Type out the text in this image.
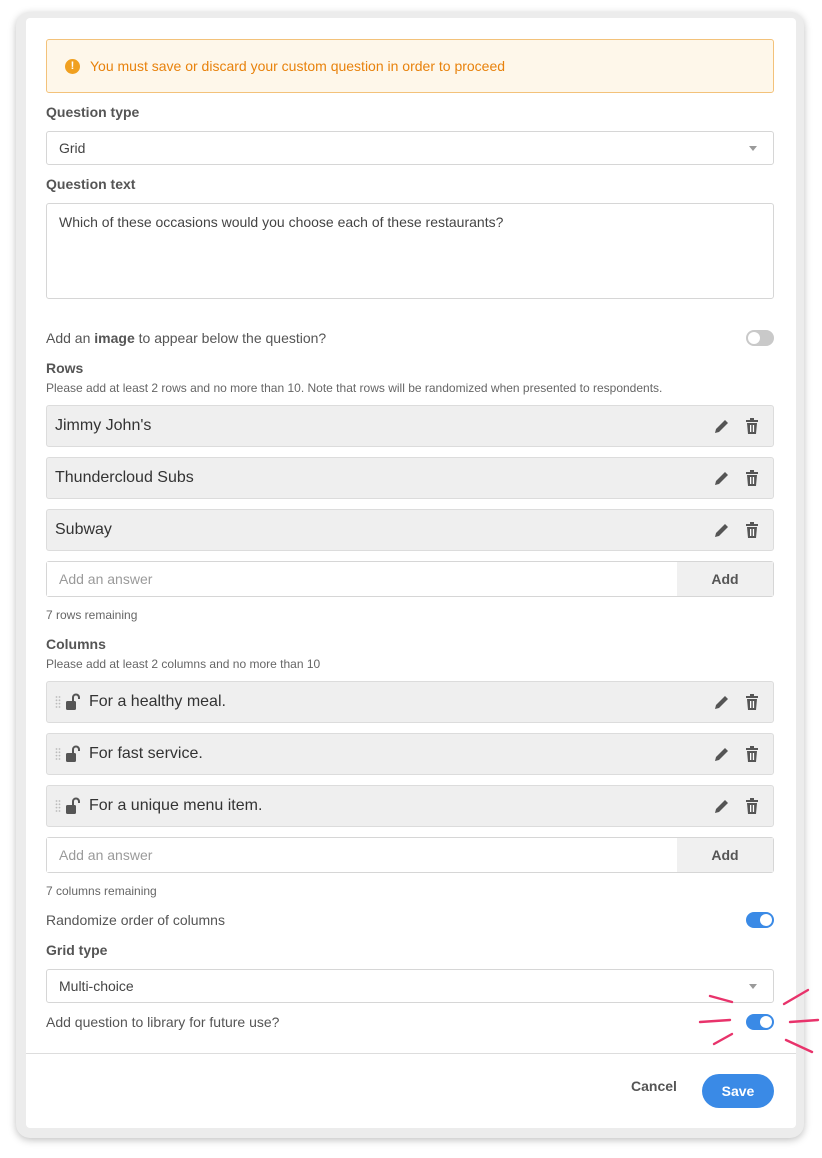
!	You must save or discard your custom question in order to proceed
Question type
Grid
Question text
Which of these occasions would you choose each of these restaurants?
Add an image to appear below the question?
Rows
Please add at least 2 rows and no more than 10. Note that rows will be randomized when presented to respondents.
Jimmy John's
Thundercloud Subs
Subway
Add an answer
Add
7 rows remaining
Columns
Please add at least 2 columns and no more than 10
For a healthy meal.
For fast service.
For a unique menu item.
Add an answer
Add
7 columns remaining
Randomize order of columns
Grid type
Multi-choice
Add question to library for future use?
Cancel	Save
